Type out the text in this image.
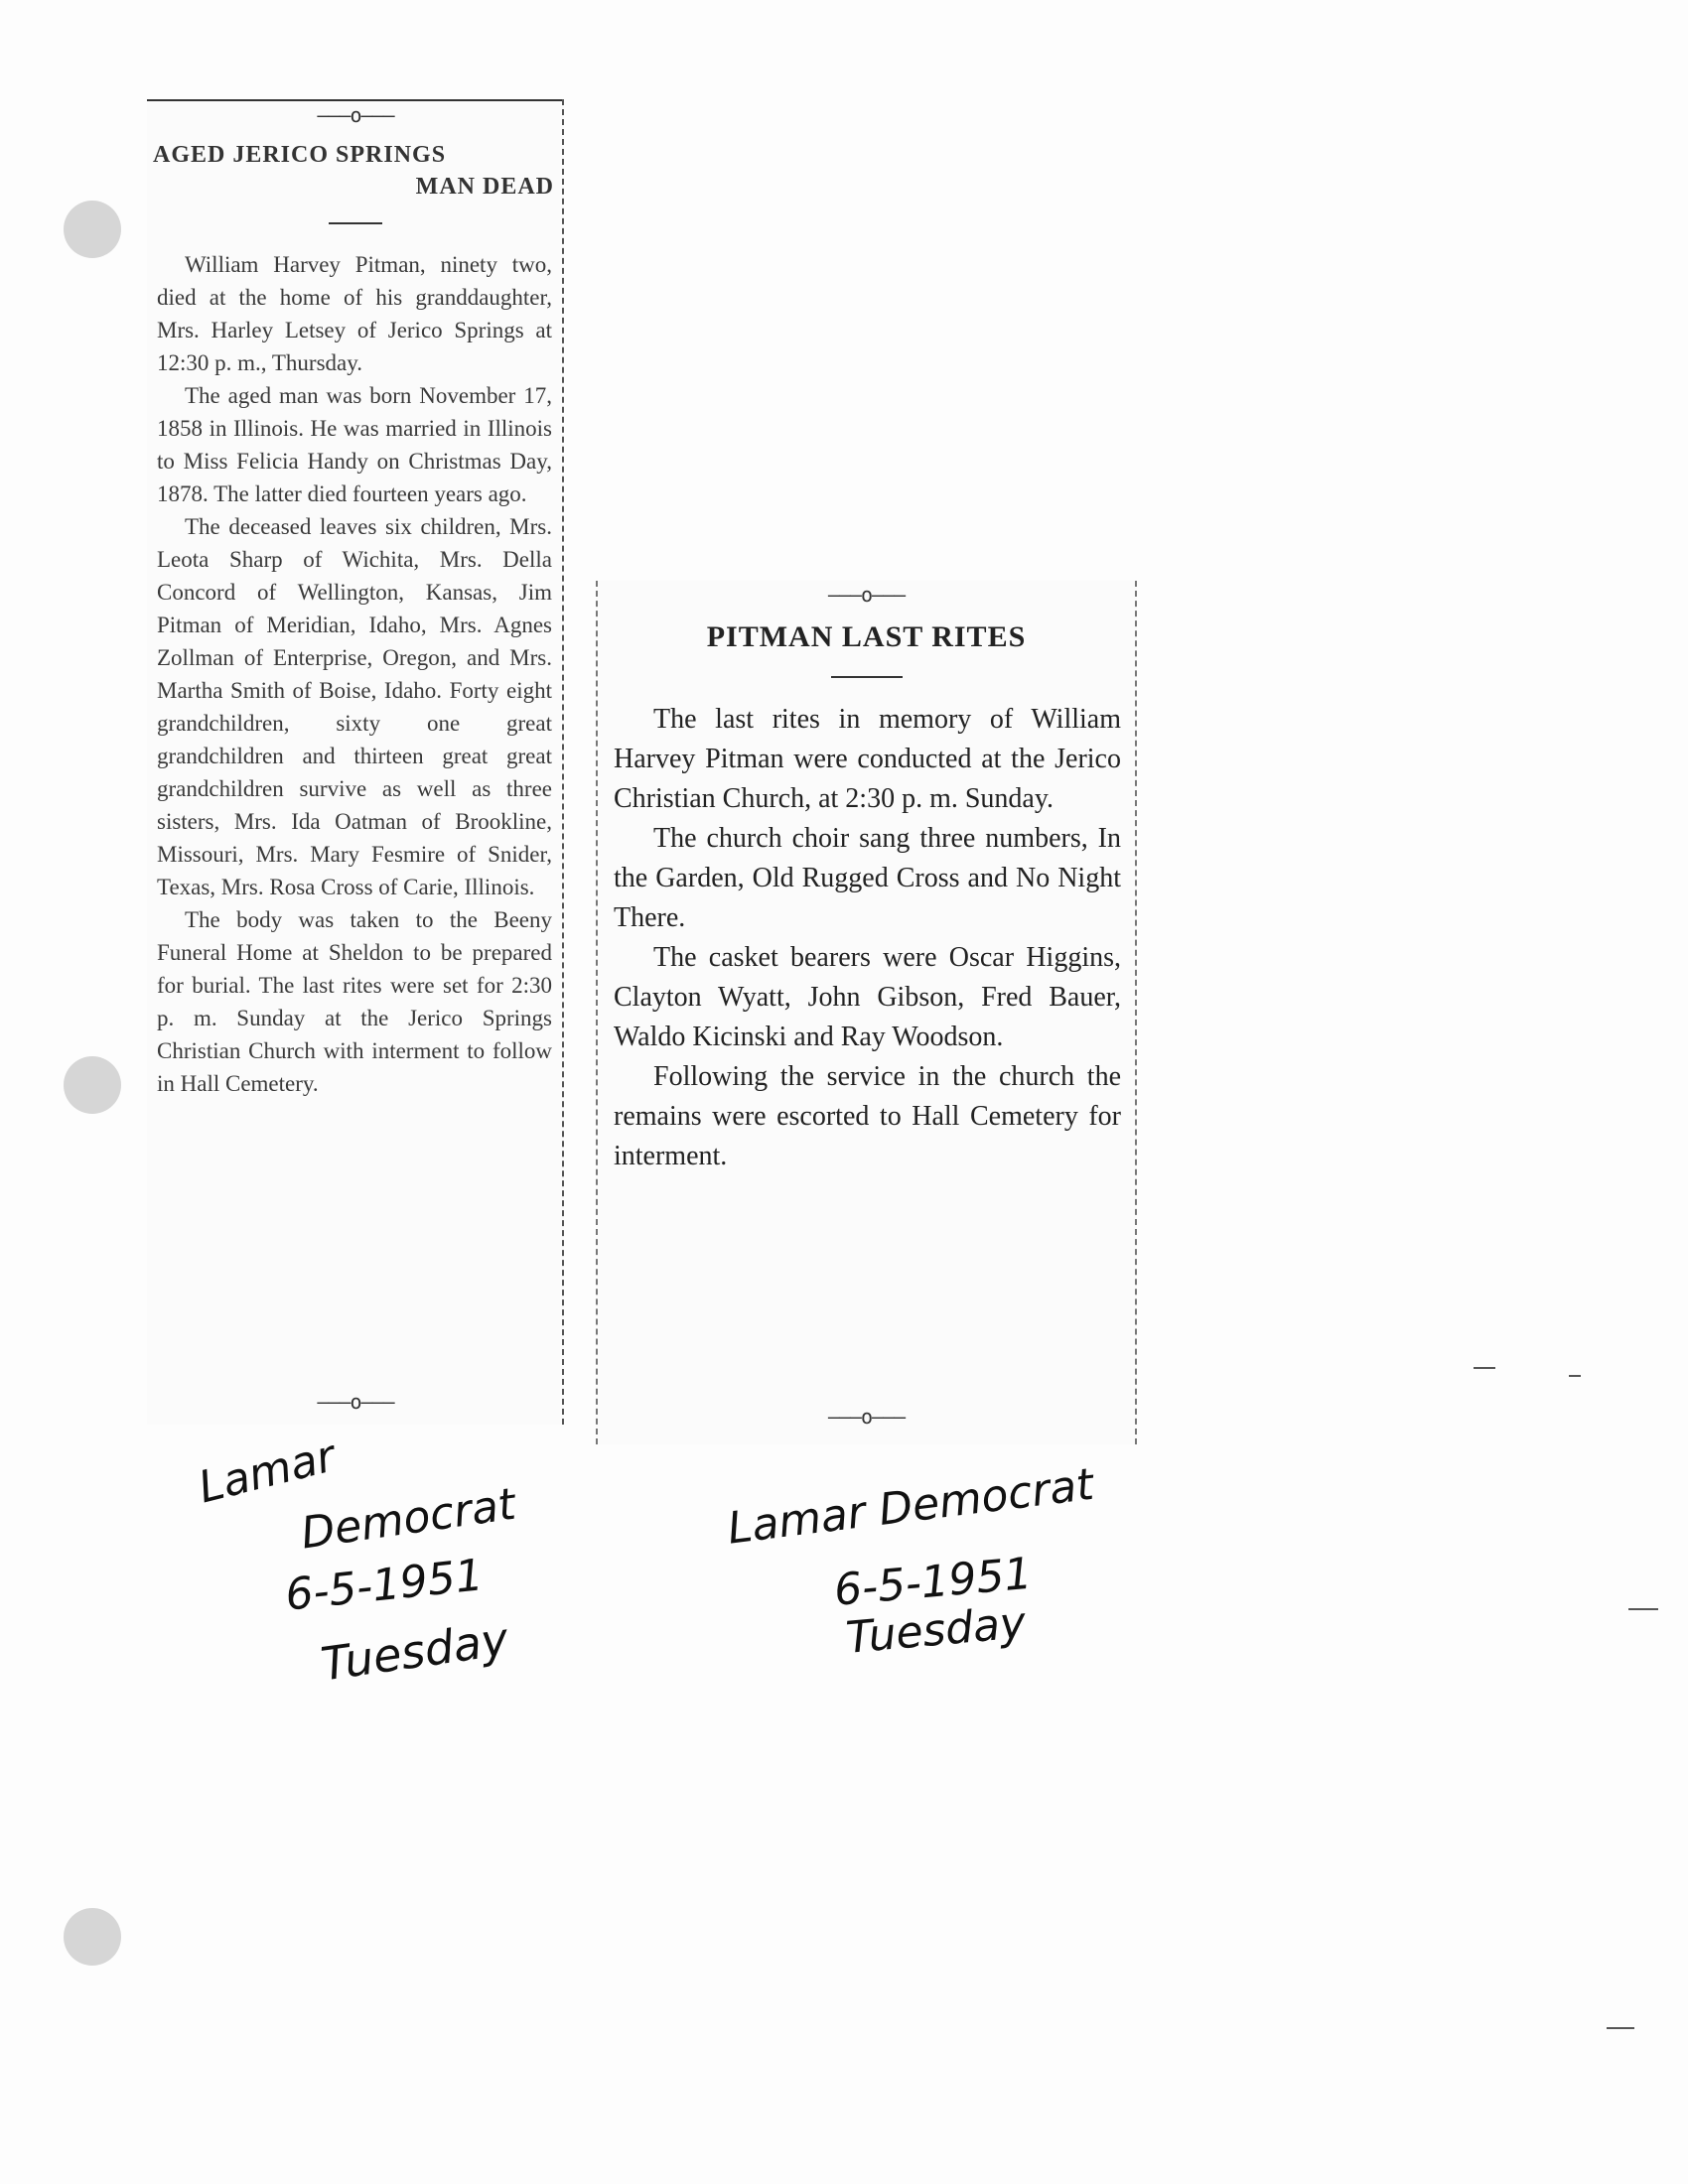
———o———
AGED JERICO SPRINGS
MAN DEAD

William Harvey Pitman, ninety two, died at the home of his granddaughter, Mrs. Harley Letsey of Jerico Springs at 12:30 p. m., Thursday.

The aged man was born November 17, 1858 in Illinois. He was married in Illinois to Miss Felicia Handy on Christmas Day, 1878. The latter died fourteen years ago.

The deceased leaves six children, Mrs. Leota Sharp of Wichita, Mrs. Della Concord of Wellington, Kansas, Jim Pitman of Meridian, Idaho, Mrs. Agnes Zollman of Enterprise, Oregon, and Mrs. Martha Smith of Boise, Idaho. Forty eight grandchildren, sixty one great grandchildren and thirteen great great grandchildren survive as well as three sisters, Mrs. Ida Oatman of Brookline, Missouri, Mrs. Mary Fesmire of Snider, Texas, Mrs. Rosa Cross of Carie, Illinois.

The body was taken to the Beeny Funeral Home at Sheldon to be prepared for burial. The last rites were set for 2:30 p. m. Sunday at the Jerico Springs Christian Church with interment to follow in Hall Cemetery.

———o———
———o———
PITMAN LAST RITES

The last rites in memory of William Harvey Pitman were conducted at the Jerico Christian Church, at 2:30 p. m. Sunday.

The church choir sang three numbers, In the Garden, Old Rugged Cross and No Night There.

The casket bearers were Oscar Higgins, Clayton Wyatt, John Gibson, Fred Bauer, Waldo Kicinski and Ray Woodson.

Following the service in the church the remains were escorted to Hall Cemetery for interment.

———o———
Lamar
Democrat
6-5-1951
Tuesday
Lamar Democrat
6-5-1951
Tuesday
